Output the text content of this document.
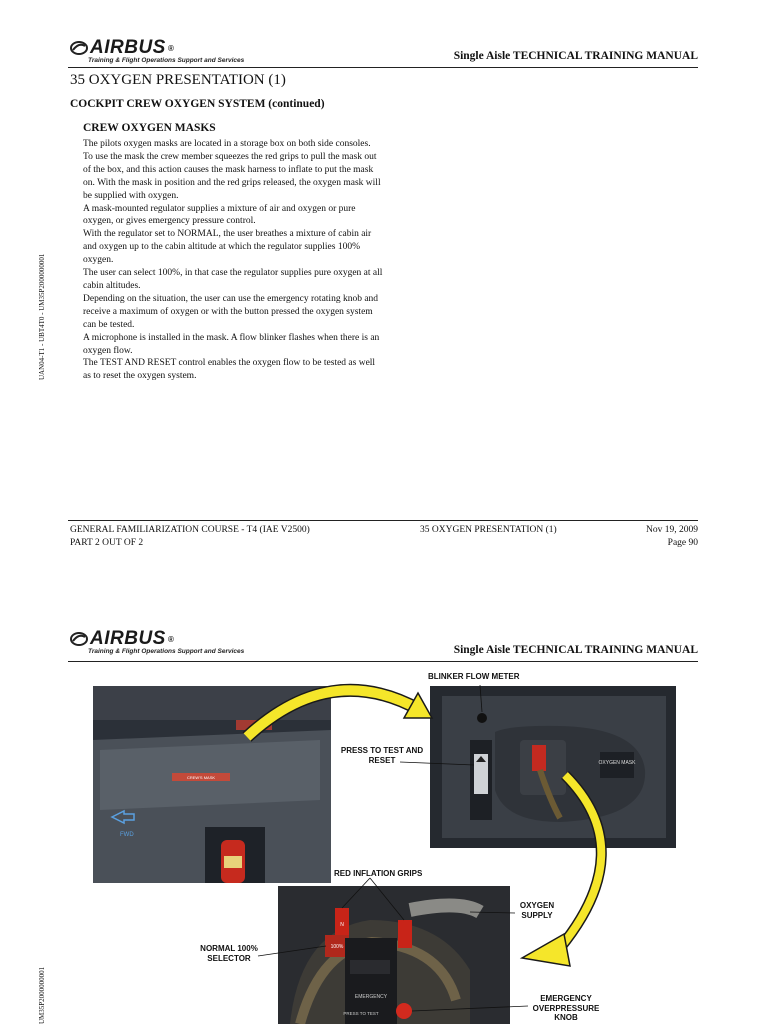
AIRBUS ®
Training & Flight Operations Support and Services	Single Aisle TECHNICAL TRAINING MANUAL
35 OXYGEN PRESENTATION (1)
COCKPIT CREW OXYGEN SYSTEM (continued)
CREW OXYGEN MASKS

The pilots oxygen masks are located in a storage box on both side consoles.

To use the mask the crew member squeezes the red grips to pull the mask out of the box, and this action causes the mask harness to inflate to put the mask on. With the mask in position and the red grips released, the oxygen mask will be supplied with oxygen.

A mask-mounted regulator supplies a mixture of air and oxygen or pure oxygen, or gives emergency pressure control.

With the regulator set to NORMAL, the user breathes a mixture of cabin air and oxygen up to the cabin altitude at which the regulator supplies 100% oxygen.

The user can select 100%, in that case the regulator supplies pure oxygen at all cabin altitudes.

Depending on the situation, the user can use the emergency rotating knob and receive a maximum of oxygen or with the button pressed the oxygen system can be tested.

A microphone is installed in the mask. A flow blinker flashes when there is an oxygen flow.

The TEST AND RESET control enables the oxygen flow to be tested as well as to reset the oxygen system.

UAN04-T1 - UBT4T0 - UM35P2000000001
GENERAL FAMILIARIZATION COURSE - T4 (IAE V2500)
PART 2 OUT OF 2
35 OXYGEN PRESENTATION (1)	Nov 19, 2009
Page 90
AIRBUS ®
Training & Flight Operations Support and Services	Single Aisle TECHNICAL TRAINING MANUAL
CREW'S MASK
FWD
OXYGEN MASK
N
100%
EMERGENCY
PRESS TO TEST
BLINKER FLOW METER
PRESS TO TEST AND RESET
RED INFLATION GRIPS
OXYGEN SUPPLY
NORMAL 100% SELECTOR
EMERGENCY OVERPRESSURE KNOB
UM35P2000000001
